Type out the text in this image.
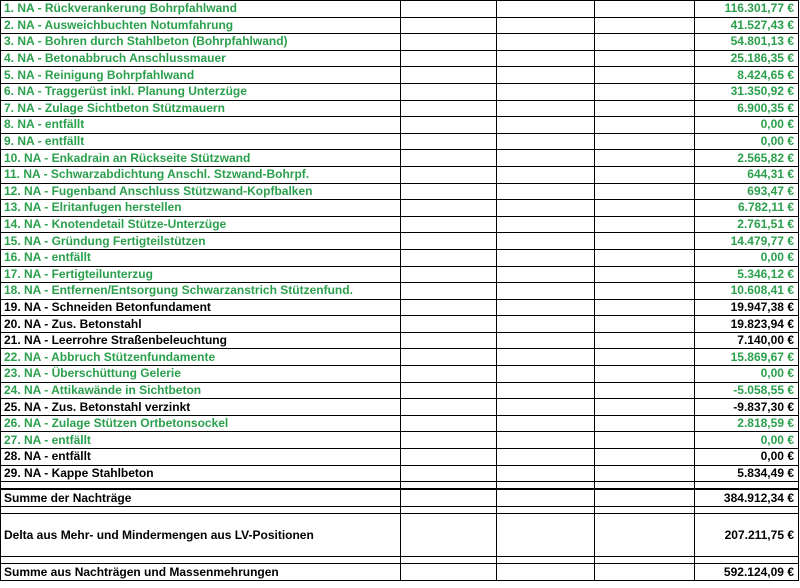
1. NA - Rückverankerung Bohrpfahlwand				116.301,77 €
2. NA - Ausweichbuchten Notumfahrung				41.527,43 €
3. NA - Bohren durch Stahlbeton (Bohrpfahlwand)				54.801,13 €
4. NA - Betonabbruch Anschlussmauer				25.186,35 €
5. NA - Reinigung Bohrpfahlwand				8.424,65 €
6. NA - Traggerüst inkl. Planung Unterzüge				31.350,92 €
7. NA - Zulage Sichtbeton Stützmauern				6.900,35 €
8. NA - entfällt				0,00 €
9. NA - entfällt				0,00 €
10. NA - Enkadrain an Rückseite Stützwand				2.565,82 €
11. NA - Schwarzabdichtung Anschl. Stzwand-Bohrpf.				644,31 €
12. NA - Fugenband Anschluss Stützwand-Kopfbalken				693,47 €
13. NA - Elritanfugen herstellen				6.782,11 €
14. NA - Knotendetail Stütze-Unterzüge				2.761,51 €
15. NA - Gründung Fertigteilstützen				14.479,77 €
16. NA - entfällt				0,00 €
17. NA - Fertigteilunterzug				5.346,12 €
18. NA - Entfernen/Entsorgung Schwarzanstrich Stützenfund.				10.608,41 €
19. NA - Schneiden Betonfundament				19.947,38 €
20. NA - Zus. Betonstahl				19.823,94 €
21. NA - Leerrohre Straßenbeleuchtung				7.140,00 €
22. NA - Abbruch Stützenfundamente				15.869,67 €
23. NA - Überschüttung Gelerie				0,00 €
24. NA - Attikawände in Sichtbeton				-5.058,55 €
25. NA - Zus. Betonstahl verzinkt				-9.837,30 €
26. NA - Zulage Stützen Ortbetonsockel				2.818,59 €
27. NA - entfällt				0,00 €
28. NA - entfällt				0,00 €
29. NA - Kappe Stahlbeton				5.834,49 €

Summe der Nachträge				384.912,34 €

Delta aus Mehr- und Mindermengen aus LV-Positionen				207.211,75 €

Summe aus Nachträgen und Massenmehrungen				592.124,09 €
